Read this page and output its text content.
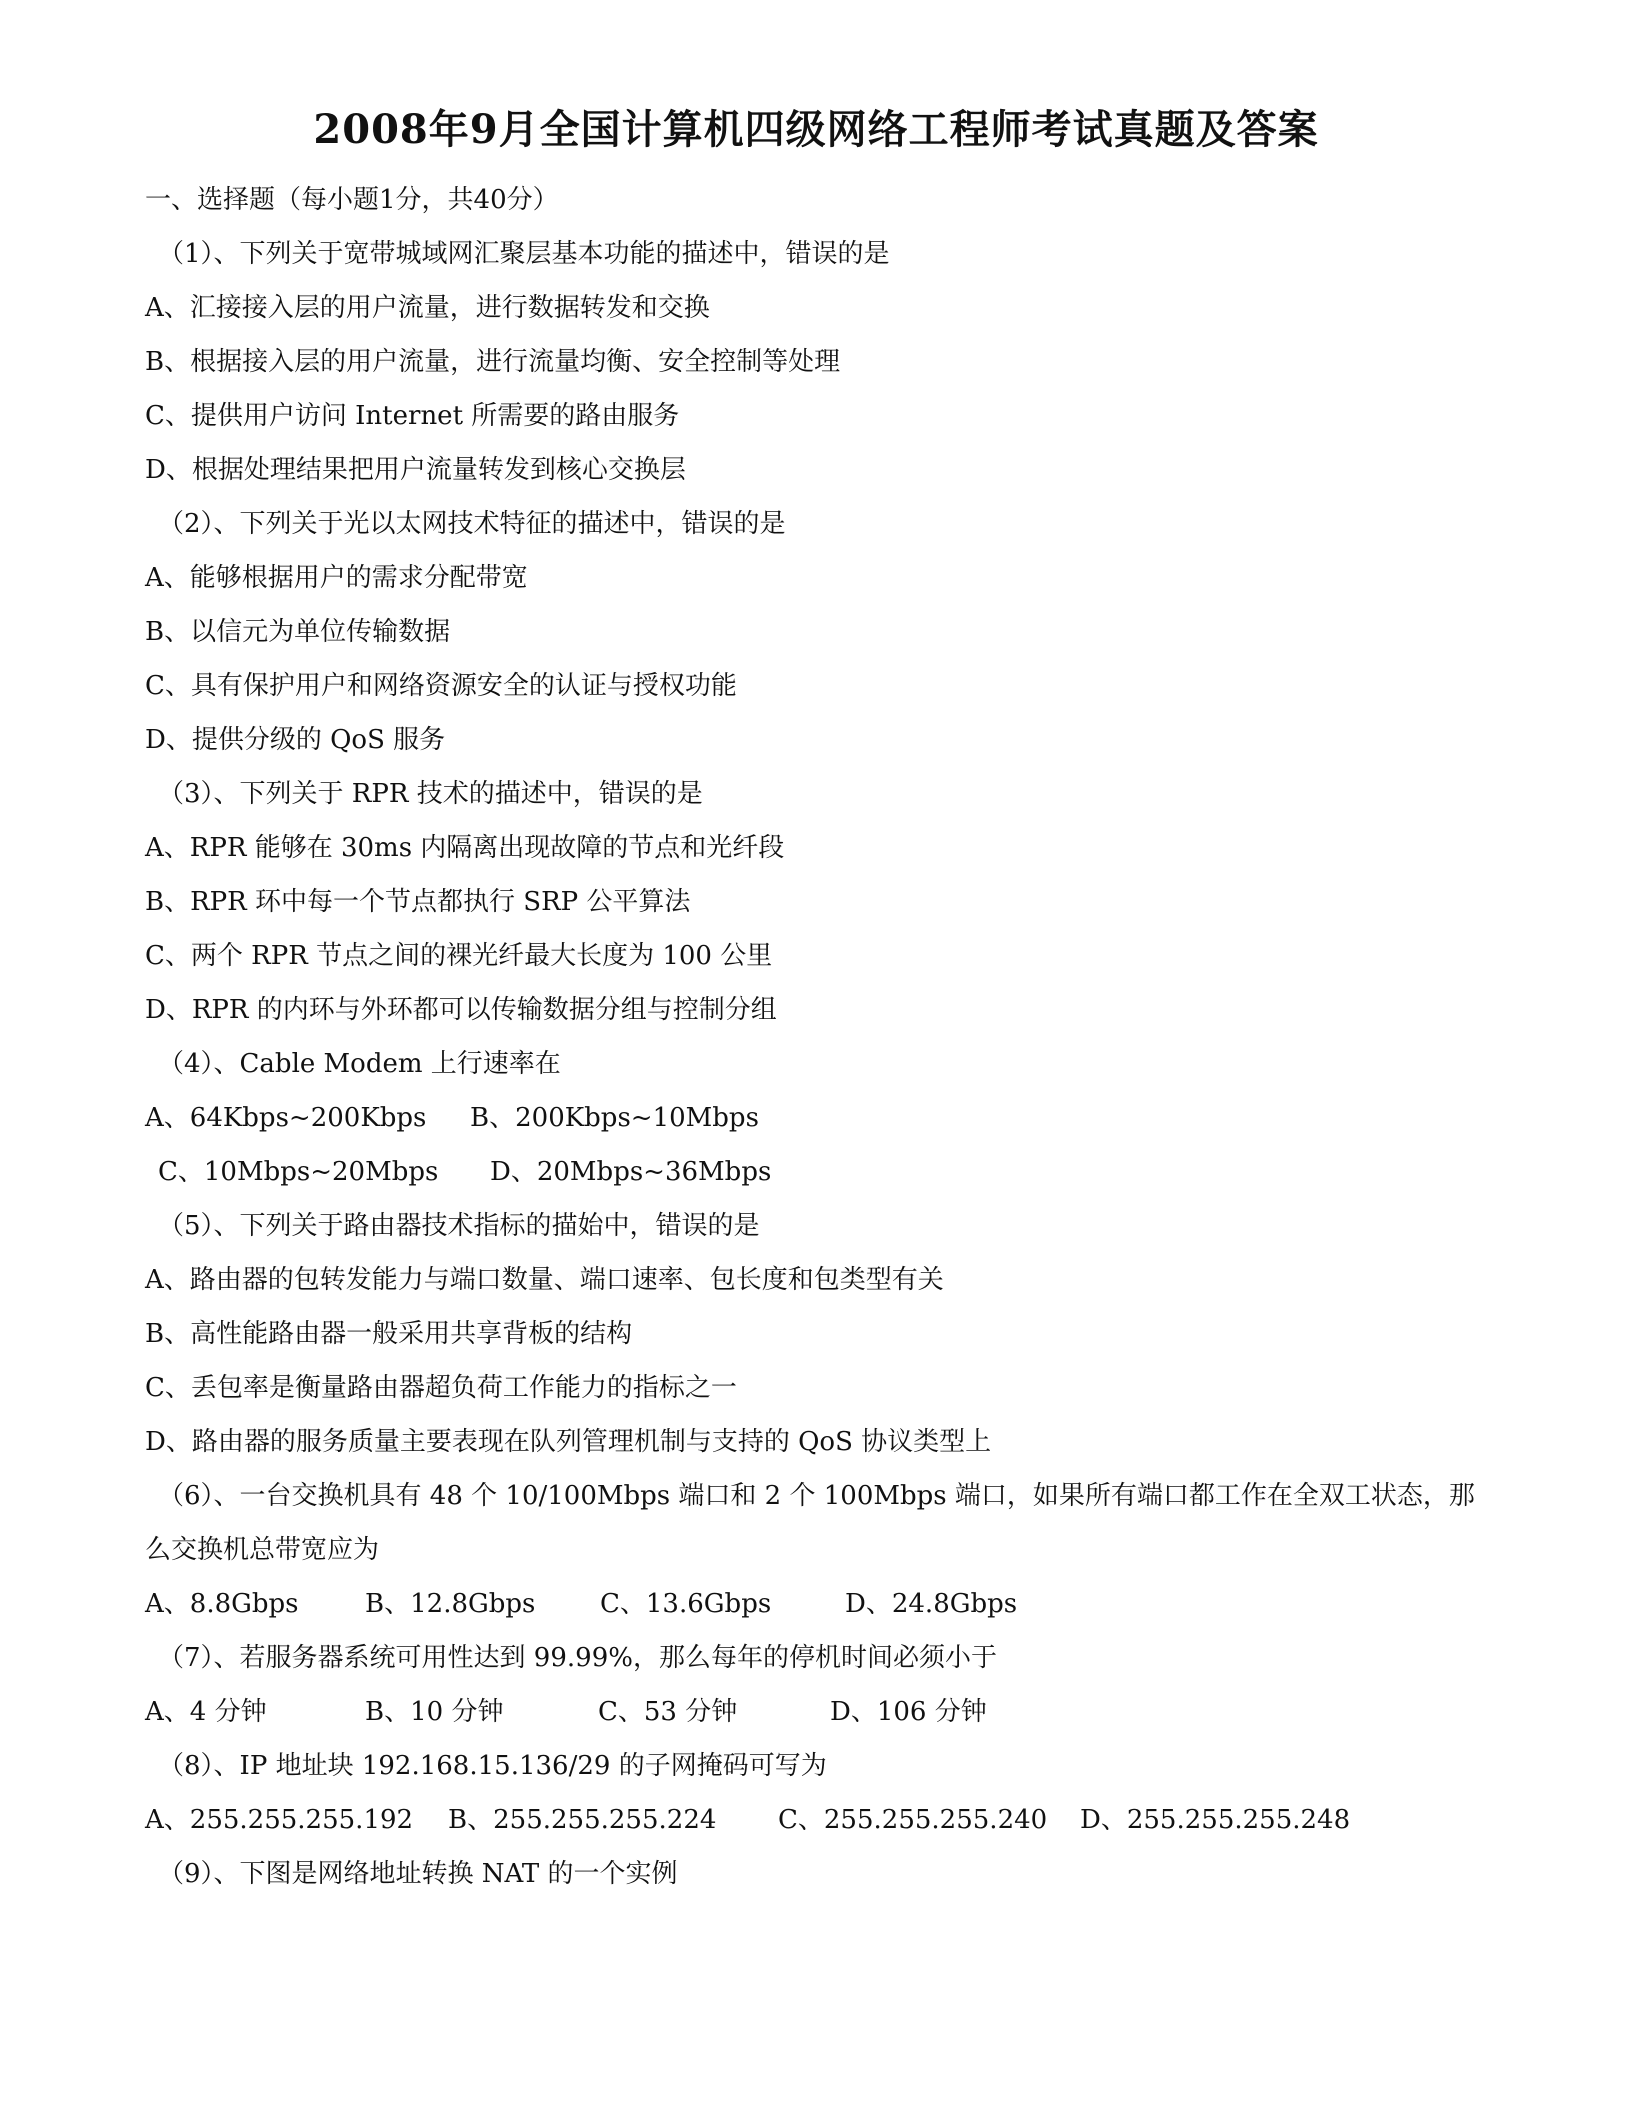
2008年9月全国计算机四级网络工程师考试真题及答案
一、选择题（每小题1分，共40分）
（1）、下列关于宽带城域网汇聚层基本功能的描述中，错误的是
A、汇接接入层的用户流量，进行数据转发和交换
B、根据接入层的用户流量，进行流量均衡、安全控制等处理
C、提供用户访问 Internet 所需要的路由服务
D、根据处理结果把用户流量转发到核心交换层
（2）、下列关于光以太网技术特征的描述中，错误的是
A、能够根据用户的需求分配带宽
B、以信元为单位传输数据
C、具有保护用户和网络资源安全的认证与授权功能
D、提供分级的 QoS 服务
（3）、下列关于 RPR 技术的描述中，错误的是
A、RPR 能够在 30ms 内隔离出现故障的节点和光纤段
B、RPR 环中每一个节点都执行 SRP 公平算法
C、两个 RPR 节点之间的裸光纤最大长度为 100 公里
D、RPR 的内环与外环都可以传输数据分组与控制分组
（4）、Cable Modem 上行速率在
A、64Kbps~200Kbps B、200Kbps~10Mbps
C、10Mbps~20Mbps D、20Mbps~36Mbps
（5）、下列关于路由器技术指标的描始中，错误的是
A、路由器的包转发能力与端口数量、端口速率、包长度和包类型有关
B、高性能路由器一般采用共享背板的结构
C、丢包率是衡量路由器超负荷工作能力的指标之一
D、路由器的服务质量主要表现在队列管理机制与支持的 QoS 协议类型上
（6）、一台交换机具有 48 个 10/100Mbps 端口和 2 个 100Mbps 端口，如果所有端口都工作在全双工状态，那
么交换机总带宽应为
A、8.8Gbps	B、12.8Gbps C、13.6Gbps	D、24.8Gbps
（7）、若服务器系统可用性达到 99.99%，那么每年的停机时间必须小于
A、4 分钟	B、10 分钟	C、53 分钟	D、106 分钟
（8）、IP 地址块 192.168.15.136/29 的子网掩码可写为
A、255.255.255.192 B、255.255.255.224 C、255.255.255.240 D、255.255.255.248
（9）、下图是网络地址转换 NAT 的一个实例
